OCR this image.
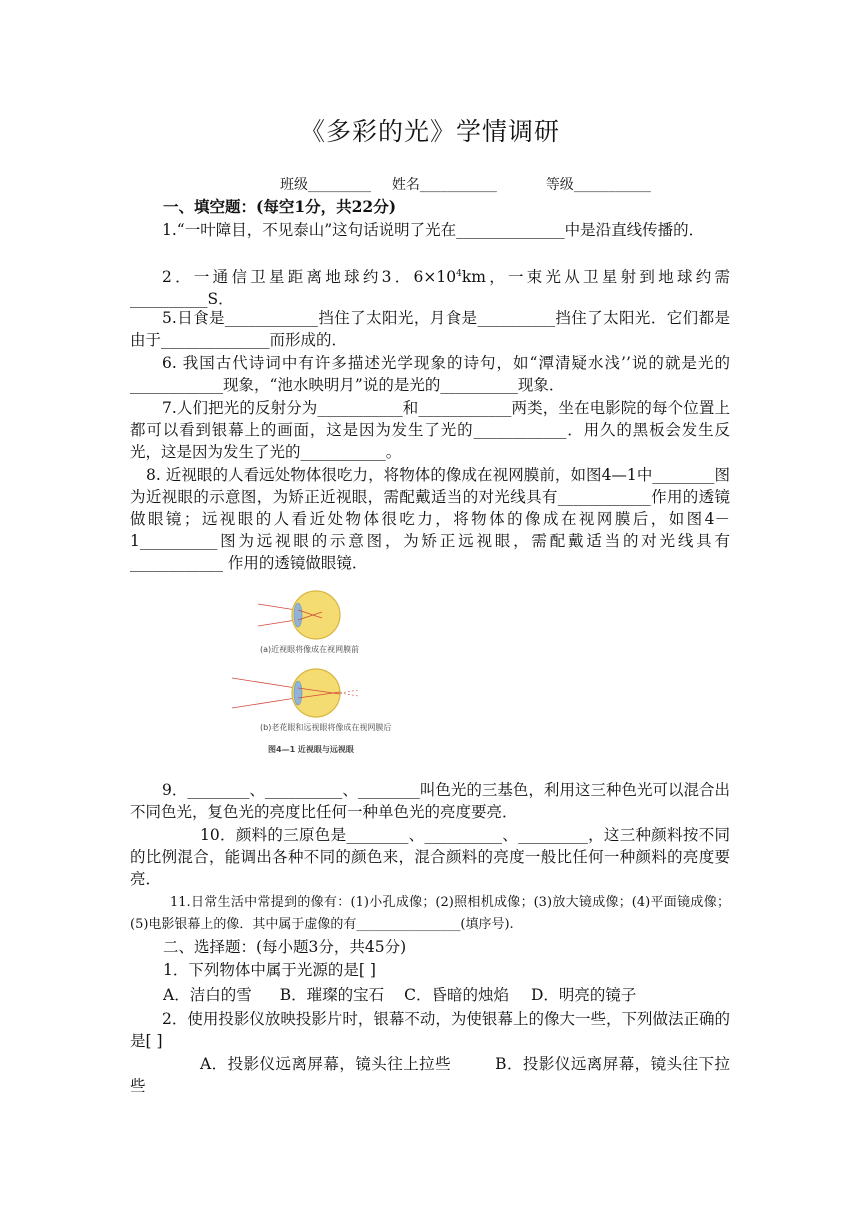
《多彩的光》学情调研
班级_________ 姓名___________	等级___________
一、填空题：(每空1分，共22分)
1.“一叶障目，不见泰山”这句话说明了光在______________中是沿直线传播的．
2．一通信卫星距离地球约3．$6\times 10^4km$，一束光从卫星射到地球约需__________S．
5.日食是____________挡住了太阳光，月食是__________挡住了太阳光．它们都是由于______________而形成的．
6. 我国古代诗词中有许多描述光学现象的诗句，如“潭清疑水浅’’说的就是光的____________现象，“池水映明月”说的是光的__________现象．
7.人们把光的反射分为___________和____________两类，坐在电影院的每个位置上都可以看到银幕上的画面，这是因为发生了光的____________．用久的黑板会发生反光，这是因为发生了光的___________。
8. 近视眼的人看远处物体很吃力，将物体的像成在视网膜前，如图4—1中________图为近视眼的示意图，为矫正近视眼，需配戴适当的对光线具有____________作用的透镜做眼镜；远视眼的人看近处物体很吃力，将物体的像成在视网膜后，如图4－1__________图为远视眼的示意图，为矫正远视眼，需配戴适当的对光线具有____________ 作用的透镜做眼镜．
(a)近视眼将像成在视网膜前
(b)老花眼和远视眼将像成在视网膜后
图4—1 近视眼与远视眼
9．________、__________、________叫色光的三基色，利用这三种色光可以混合出不同色光，复色光的亮度比任何一种单色光的亮度要亮．
10．颜料的三原色是________、__________、_________，这三种颜料按不同的比例混合，能调出各种不同的颜色来，混合颜料的亮度一般比任何一种颜料的亮度要亮．
11.日常生活中常提到的像有：(1)小孔成像；(2)照相机成像；(3)放大镜成像；(4)平面镜成像；(5)电影银幕上的像．其中属于虚像的有________________(填序号).
二、选择题：(每小题3分，共45分)
1．下列物体中属于光源的是[ ]
A．洁白的雪 B．璀璨的宝石 C．昏暗的烛焰 D．明亮的镜子
2．使用投影仪放映投影片时，银幕不动，为使银幕上的像大一些，下列做法正确的是[ ]
A．投影仪远离屏幕，镜头往上拉些	B．投影仪远离屏幕，镜头往下拉些
